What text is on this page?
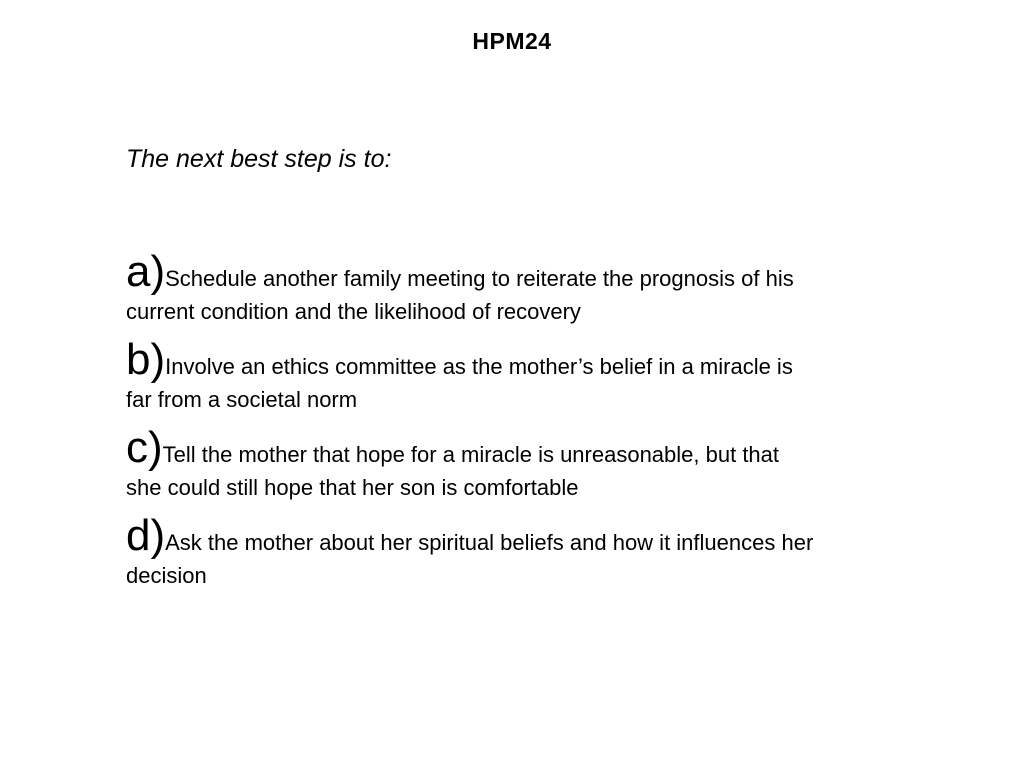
HPM24
The next best step is to:
a)Schedule another family meeting to reiterate the prognosis of his
current condition and the likelihood of recovery
b)Involve an ethics committee as the mother’s belief in a miracle is
far from a societal norm
c)Tell the mother that hope for a miracle is unreasonable, but that
she could still hope that her son is comfortable
d)Ask the mother about her spiritual beliefs and how it influences her
decision
